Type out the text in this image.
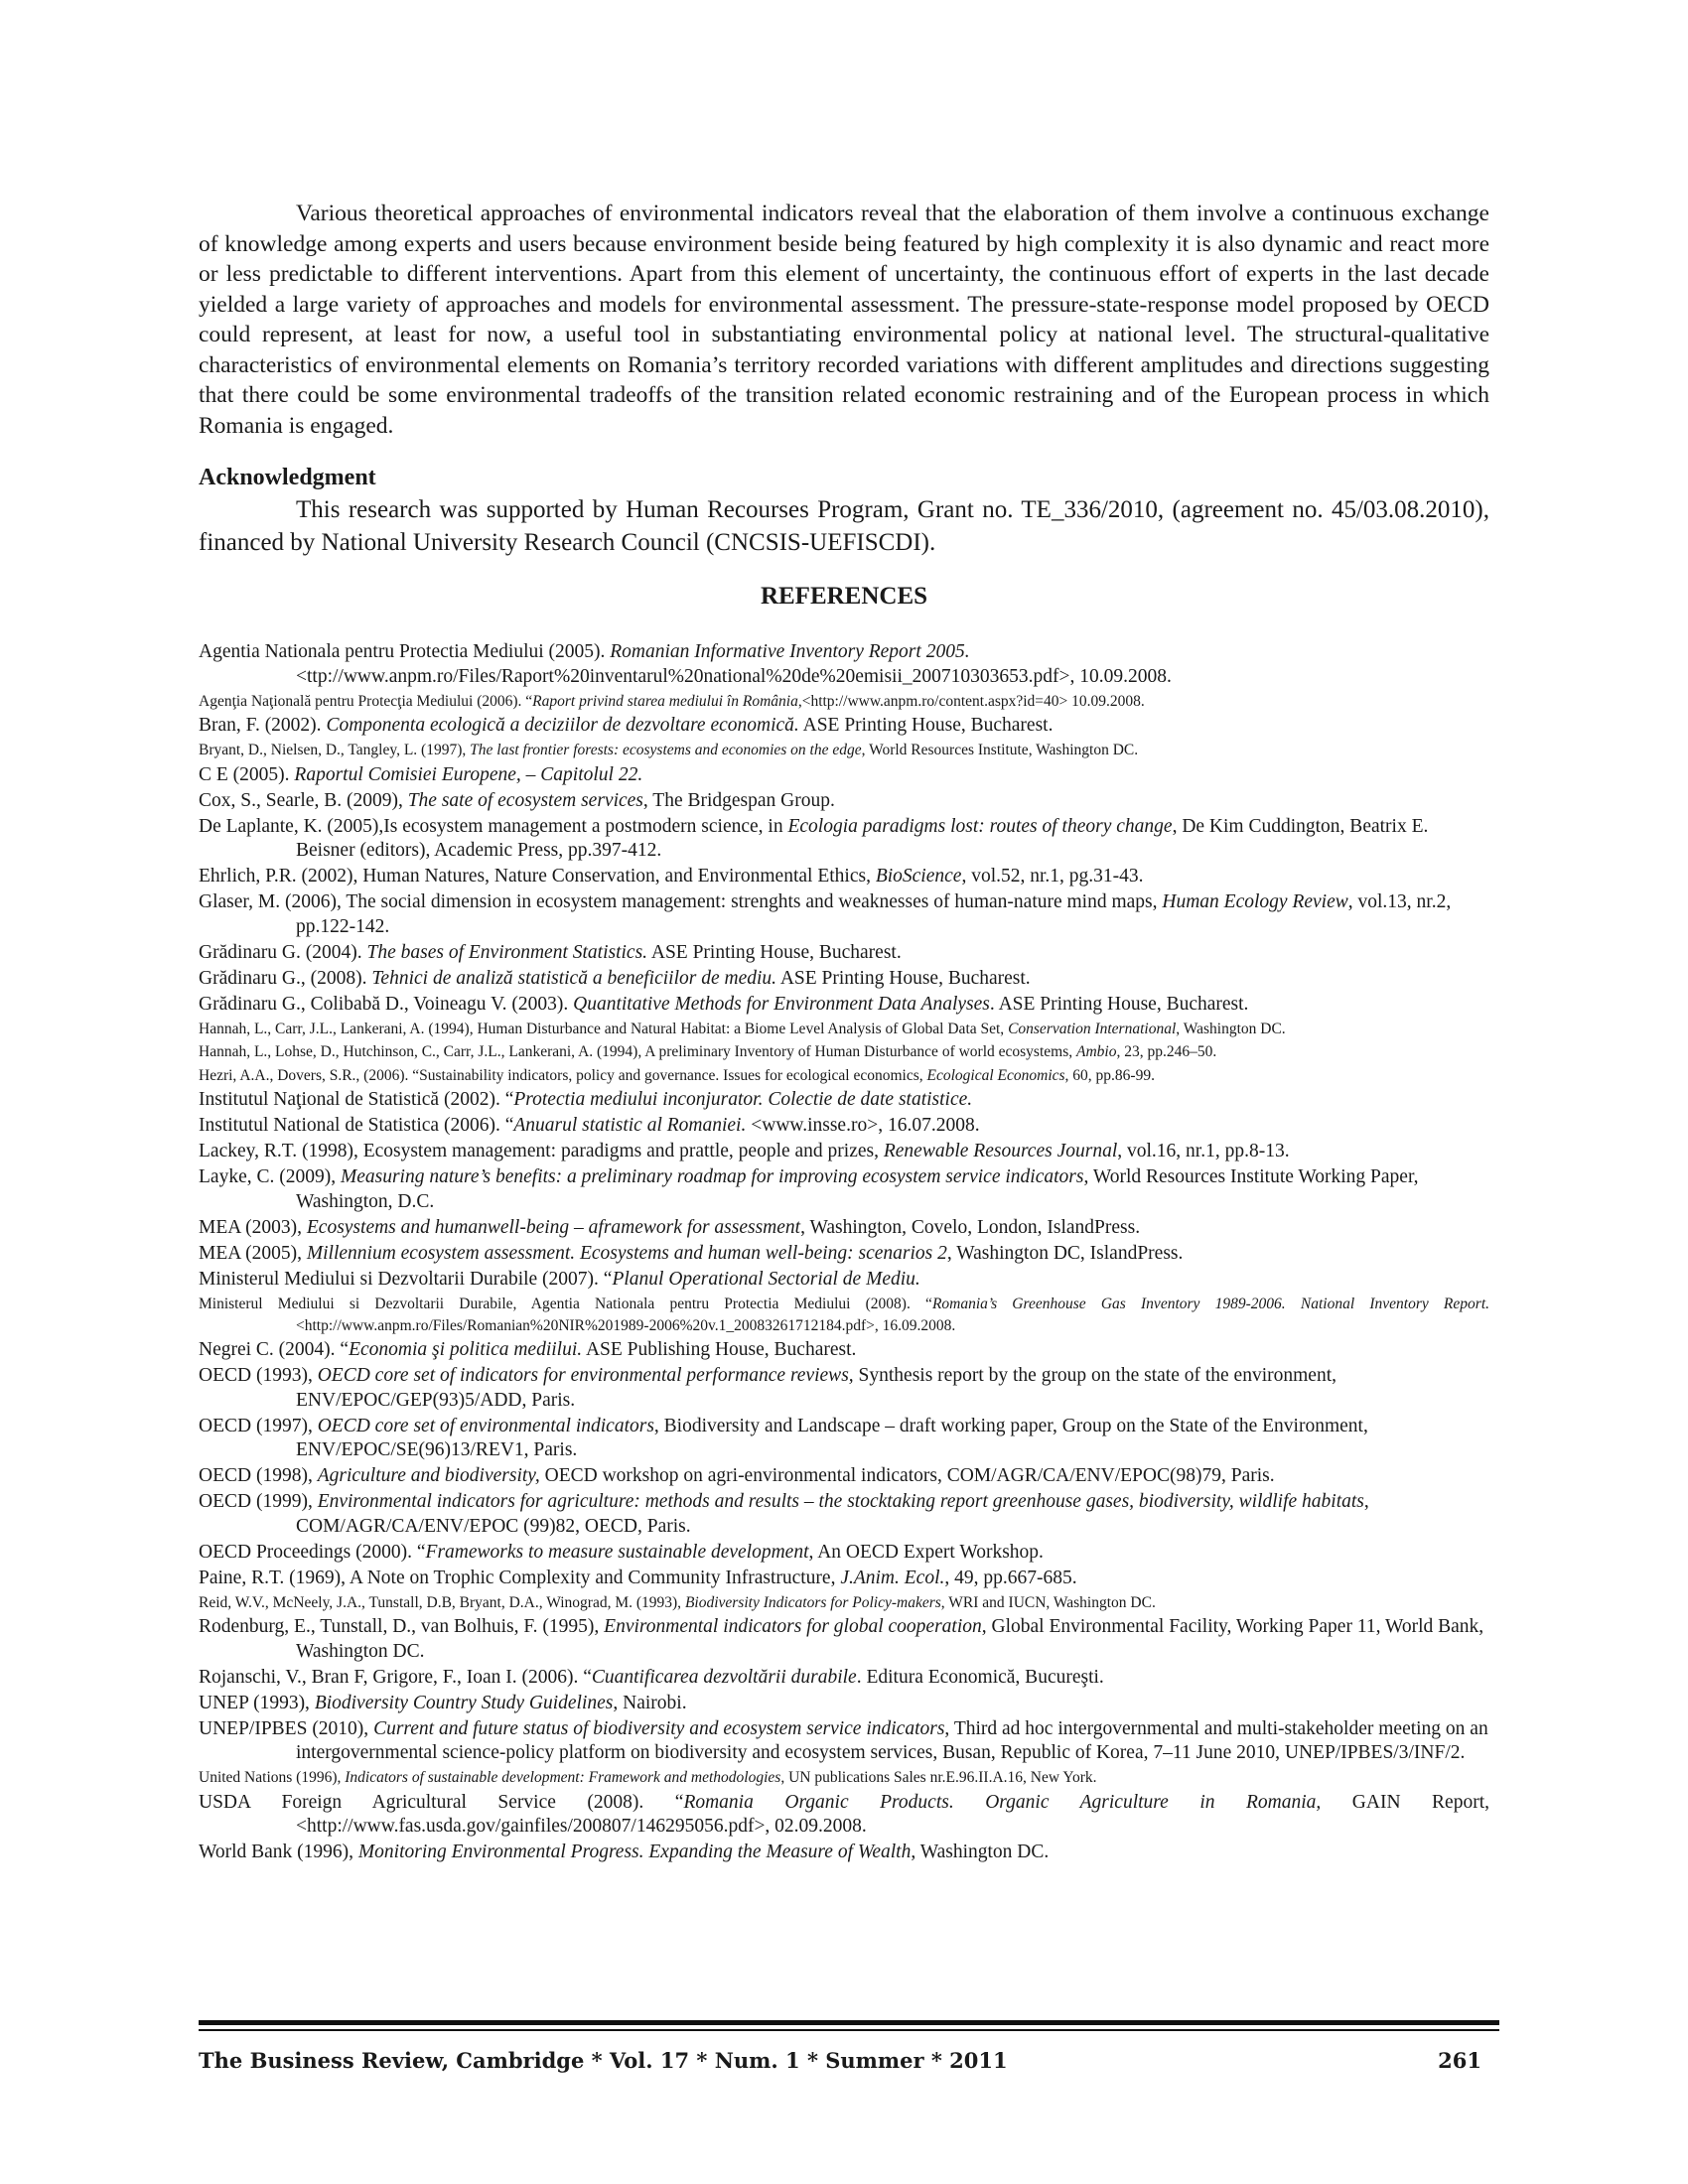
Various theoretical approaches of environmental indicators reveal that the elaboration of them involve a continuous exchange of knowledge among experts and users because environment beside being featured by high complexity it is also dynamic and react more or less predictable to different interventions. Apart from this element of uncertainty, the continuous effort of experts in the last decade yielded a large variety of approaches and models for environmental assessment. The pressure-state-response model proposed by OECD could represent, at least for now, a useful tool in substantiating environmental policy at national level. The structural-qualitative characteristics of environmental elements on Romania’s territory recorded variations with different amplitudes and directions suggesting that there could be some environmental tradeoffs of the transition related economic restraining and of the European process in which Romania is engaged.

Acknowledgment

This research was supported by Human Recourses Program, Grant no. TE_336/2010, (agreement no. 45/03.08.2010), financed by National University Research Council (CNCSIS-UEFISCDI).

REFERENCES
Agentia Nationala pentru Protectia Mediului (2005). Romanian Informative Inventory Report 2005. <ttp://www.anpm.ro/Files/Raport%20inventarul%20national%20de%20emisii_200710303653.pdf>, 10.09.2008.
Agenţia Naţională pentru Protecţia Mediului (2006). “Raport privind starea mediului în România,<http://www.anpm.ro/content.aspx?id=40> 10.09.2008.
Bran, F. (2002). Componenta ecologică a deciziilor de dezvoltare economică. ASE Printing House, Bucharest.
Bryant, D., Nielsen, D., Tangley, L. (1997), The last frontier forests: ecosystems and economies on the edge, World Resources Institute, Washington DC.
C E (2005). Raportul Comisiei Europene, – Capitolul 22.
Cox, S., Searle, B. (2009), The sate of ecosystem services, The Bridgespan Group.
De Laplante, K. (2005),Is ecosystem management a postmodern science, in Ecologia paradigms lost: routes of theory change, De Kim Cuddington, Beatrix E. Beisner (editors), Academic Press, pp.397-412.
Ehrlich, P.R. (2002), Human Natures, Nature Conservation, and Environmental Ethics, BioScience, vol.52, nr.1, pg.31-43.
Glaser, M. (2006), The social dimension in ecosystem management: strenghts and weaknesses of human-nature mind maps, Human Ecology Review, vol.13, nr.2, pp.122-142.
Grădinaru G. (2004). The bases of Environment Statistics. ASE Printing House, Bucharest.
Grădinaru G., (2008). Tehnici de analiză statistică a beneficiilor de mediu. ASE Printing House, Bucharest.
Grădinaru G., Colibabă D., Voineagu V. (2003). Quantitative Methods for Environment Data Analyses. ASE Printing House, Bucharest.
Hannah, L., Carr, J.L., Lankerani, A. (1994), Human Disturbance and Natural Habitat: a Biome Level Analysis of Global Data Set, Conservation International, Washington DC.
Hannah, L., Lohse, D., Hutchinson, C., Carr, J.L., Lankerani, A. (1994), A preliminary Inventory of Human Disturbance of world ecosystems, Ambio, 23, pp.246–50.
Hezri, A.A., Dovers, S.R., (2006). “Sustainability indicators, policy and governance. Issues for ecological economics, Ecological Economics, 60, pp.86-99.
Institutul Naţional de Statistică (2002). “Protectia mediului inconjurator. Colectie de date statistice.
Institutul National de Statistica (2006). “Anuarul statistic al Romaniei. <www.insse.ro>, 16.07.2008.
Lackey, R.T. (1998), Ecosystem management: paradigms and prattle, people and prizes, Renewable Resources Journal, vol.16, nr.1, pp.8-13.
Layke, C. (2009), Measuring nature’s benefits: a preliminary roadmap for improving ecosystem service indicators, World Resources Institute Working Paper, Washington, D.C.
MEA (2003), Ecosystems and humanwell-being – aframework for assessment, Washington, Covelo, London, IslandPress.
MEA (2005), Millennium ecosystem assessment. Ecosystems and human well-being: scenarios 2, Washington DC, IslandPress.
Ministerul Mediului si Dezvoltarii Durabile (2007). “Planul Operational Sectorial de Mediu.
Ministerul Mediului si Dezvoltarii Durabile, Agentia Nationala pentru Protectia Mediului (2008). “Romania’s Greenhouse Gas Inventory 1989-2006. National Inventory Report. <http://www.anpm.ro/Files/Romanian%20NIR%201989-2006%20v.1_20083261712184.pdf>, 16.09.2008.
Negrei C. (2004). “Economia şi politica mediilui. ASE Publishing House, Bucharest.
OECD (1993), OECD core set of indicators for environmental performance reviews, Synthesis report by the group on the state of the environment, ENV/EPOC/GEP(93)5/ADD, Paris.
OECD (1997), OECD core set of environmental indicators, Biodiversity and Landscape – draft working paper, Group on the State of the Environment, ENV/EPOC/SE(96)13/REV1, Paris.
OECD (1998), Agriculture and biodiversity, OECD workshop on agri-environmental indicators, COM/AGR/CA/ENV/EPOC(98)79, Paris.
OECD (1999), Environmental indicators for agriculture: methods and results – the stocktaking report greenhouse gases, biodiversity, wildlife habitats, COM/AGR/CA/ENV/EPOC (99)82, OECD, Paris.
OECD Proceedings (2000). “Frameworks to measure sustainable development, An OECD Expert Workshop.
Paine, R.T. (1969), A Note on Trophic Complexity and Community Infrastructure, J.Anim. Ecol., 49, pp.667-685.
Reid, W.V., McNeely, J.A., Tunstall, D.B, Bryant, D.A., Winograd, M. (1993), Biodiversity Indicators for Policy-makers, WRI and IUCN, Washington DC.
Rodenburg, E., Tunstall, D., van Bolhuis, F. (1995), Environmental indicators for global cooperation, Global Environmental Facility, Working Paper 11, World Bank, Washington DC.
Rojanschi, V., Bran F, Grigore, F., Ioan I. (2006). “Cuantificarea dezvoltării durabile. Editura Economică, Bucureşti.
UNEP (1993), Biodiversity Country Study Guidelines, Nairobi.
UNEP/IPBES (2010), Current and future status of biodiversity and ecosystem service indicators, Third ad hoc intergovernmental and multi-stakeholder meeting on an intergovernmental science-policy platform on biodiversity and ecosystem services, Busan, Republic of Korea, 7–11 June 2010, UNEP/IPBES/3/INF/2.
United Nations (1996), Indicators of sustainable development: Framework and methodologies, UN publications Sales nr.E.96.II.A.16, New York.
USDA Foreign Agricultural Service (2008). “Romania Organic Products. Organic Agriculture in Romania, GAIN Report, <http://www.fas.usda.gov/gainfiles/200807/146295056.pdf>, 02.09.2008.
World Bank (1996), Monitoring Environmental Progress. Expanding the Measure of Wealth, Washington DC.
The Business Review, Cambridge * Vol. 17 * Num. 1 * Summer * 2011	261
